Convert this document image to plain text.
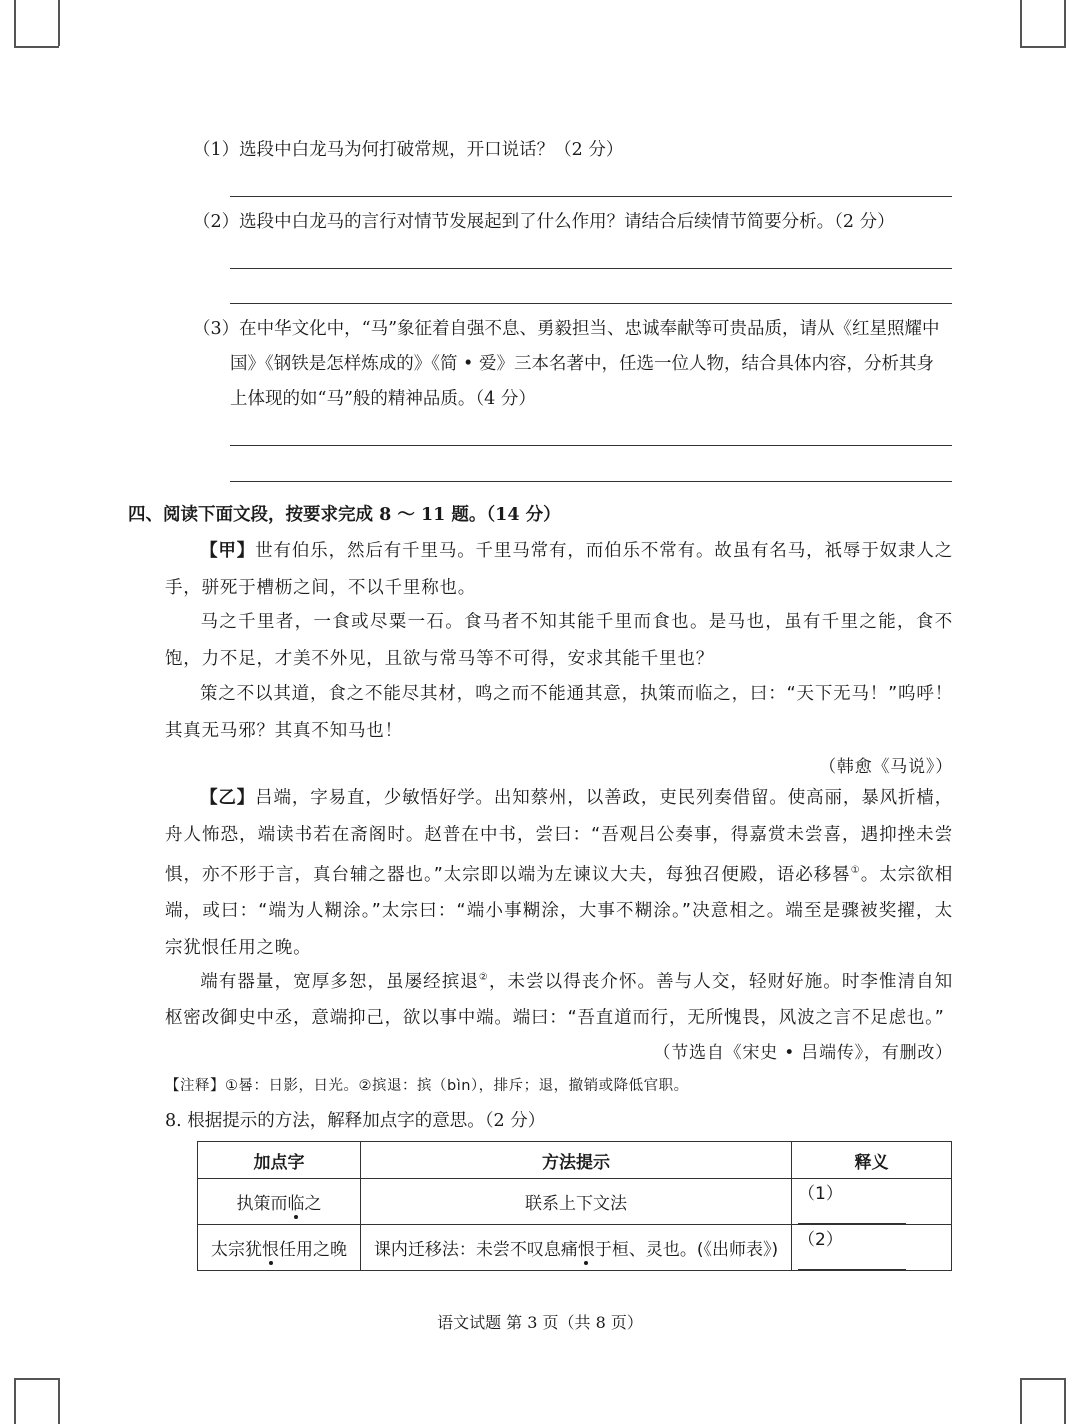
（1）选段中白龙马为何打破常规，开口说话？（2 分）
（2）选段中白龙马的言行对情节发展起到了什么作用？请结合后续情节简要分析。（2 分）
（3）在中华文化中，“马”象征着自强不息、勇毅担当、忠诚奉献等可贵品质，请从《红星照耀中
国》《钢铁是怎样炼成的》《简 • 爱》三本名著中，任选一位人物，结合具体内容，分析其身
上体现的如“马”般的精神品质。（4 分）
四、阅读下面文段，按要求完成 8 ～ 11 题。（14 分）
【甲】世有伯乐，然后有千里马。千里马常有，而伯乐不常有。故虽有名马，祇辱于奴隶人之手，骈死于槽枥之间，不以千里称也。
马之千里者，一食或尽粟一石。食马者不知其能千里而食也。是马也，虽有千里之能，食不饱，力不足，才美不外见，且欲与常马等不可得，安求其能千里也？
策之不以其道，食之不能尽其材，鸣之而不能通其意，执策而临之，曰：“天下无马！”呜呼！其真无马邪？其真不知马也！
（韩愈《马说》）
【乙】吕端，字易直，少敏悟好学。出知蔡州，以善政，吏民列奏借留。使高丽，暴风折樯，舟人怖恐，端读书若在斋阁时。赵普在中书，尝曰：“吾观吕公奏事，得嘉赏未尝喜，遇抑挫未尝惧，亦不形于言，真台辅之器也。”太宗即以端为左谏议大夫，每独召便殿，语必移晷①。太宗欲相端，或曰：“端为人糊涂。”太宗曰：“端小事糊涂，大事不糊涂。”决意相之。端至是骤被奖擢，太宗犹恨任用之晚。
端有器量，宽厚多恕，虽屡经摈退②，未尝以得丧介怀。善与人交，轻财好施。时李惟清自知枢密改御史中丞，意端抑己，欲以事中端。端曰：“吾直道而行，无所愧畏，风波之言不足虑也。”
（节选自《宋史 • 吕端传》，有删改）
【注释】①晷：日影，日光。②摈退：摈（bìn），排斥；退，撤销或降低官职。
8. 根据提示的方法，解释加点字的意思。（2 分）
加点字	方法提示	释义
执策而临之	联系上下文法	（1）
太宗犹恨任用之晚	课内迁移法：未尝不叹息痛恨于桓、灵也。(《出师表》)	（2）
语文试题 第 3 页（共 8 页）
